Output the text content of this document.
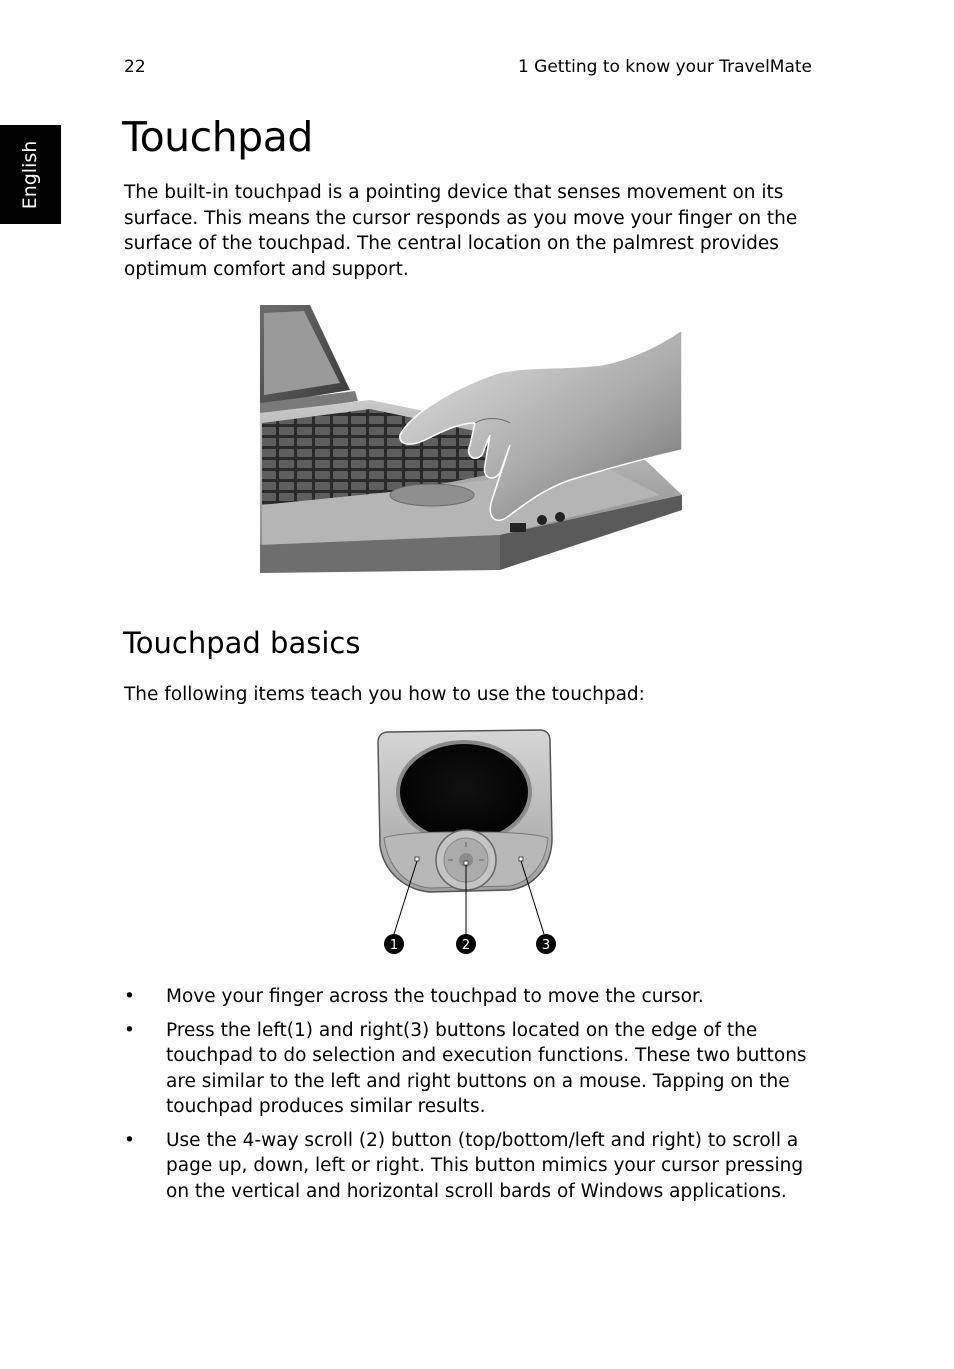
22	1 Getting to know your TravelMate
English
Touchpad

The built-in touchpad is a pointing device that senses movement on its surface. This means the cursor responds as you move your finger on the surface of the touchpad. The central location on the palmrest provides optimum comfort and support.

Touchpad basics

The following items teach you how to use the touchpad:

1	2	3
• Move your finger across the touchpad to move the cursor.
• Press the left(1) and right(3) buttons located on the edge of the touchpad to do selection and execution functions. These two buttons are similar to the left and right buttons on a mouse. Tapping on the touchpad produces similar results.
• Use the 4-way scroll (2) button (top/bottom/left and right) to scroll a page up, down, left or right. This button mimics your cursor pressing on the vertical and horizontal scroll bards of Windows applications.
